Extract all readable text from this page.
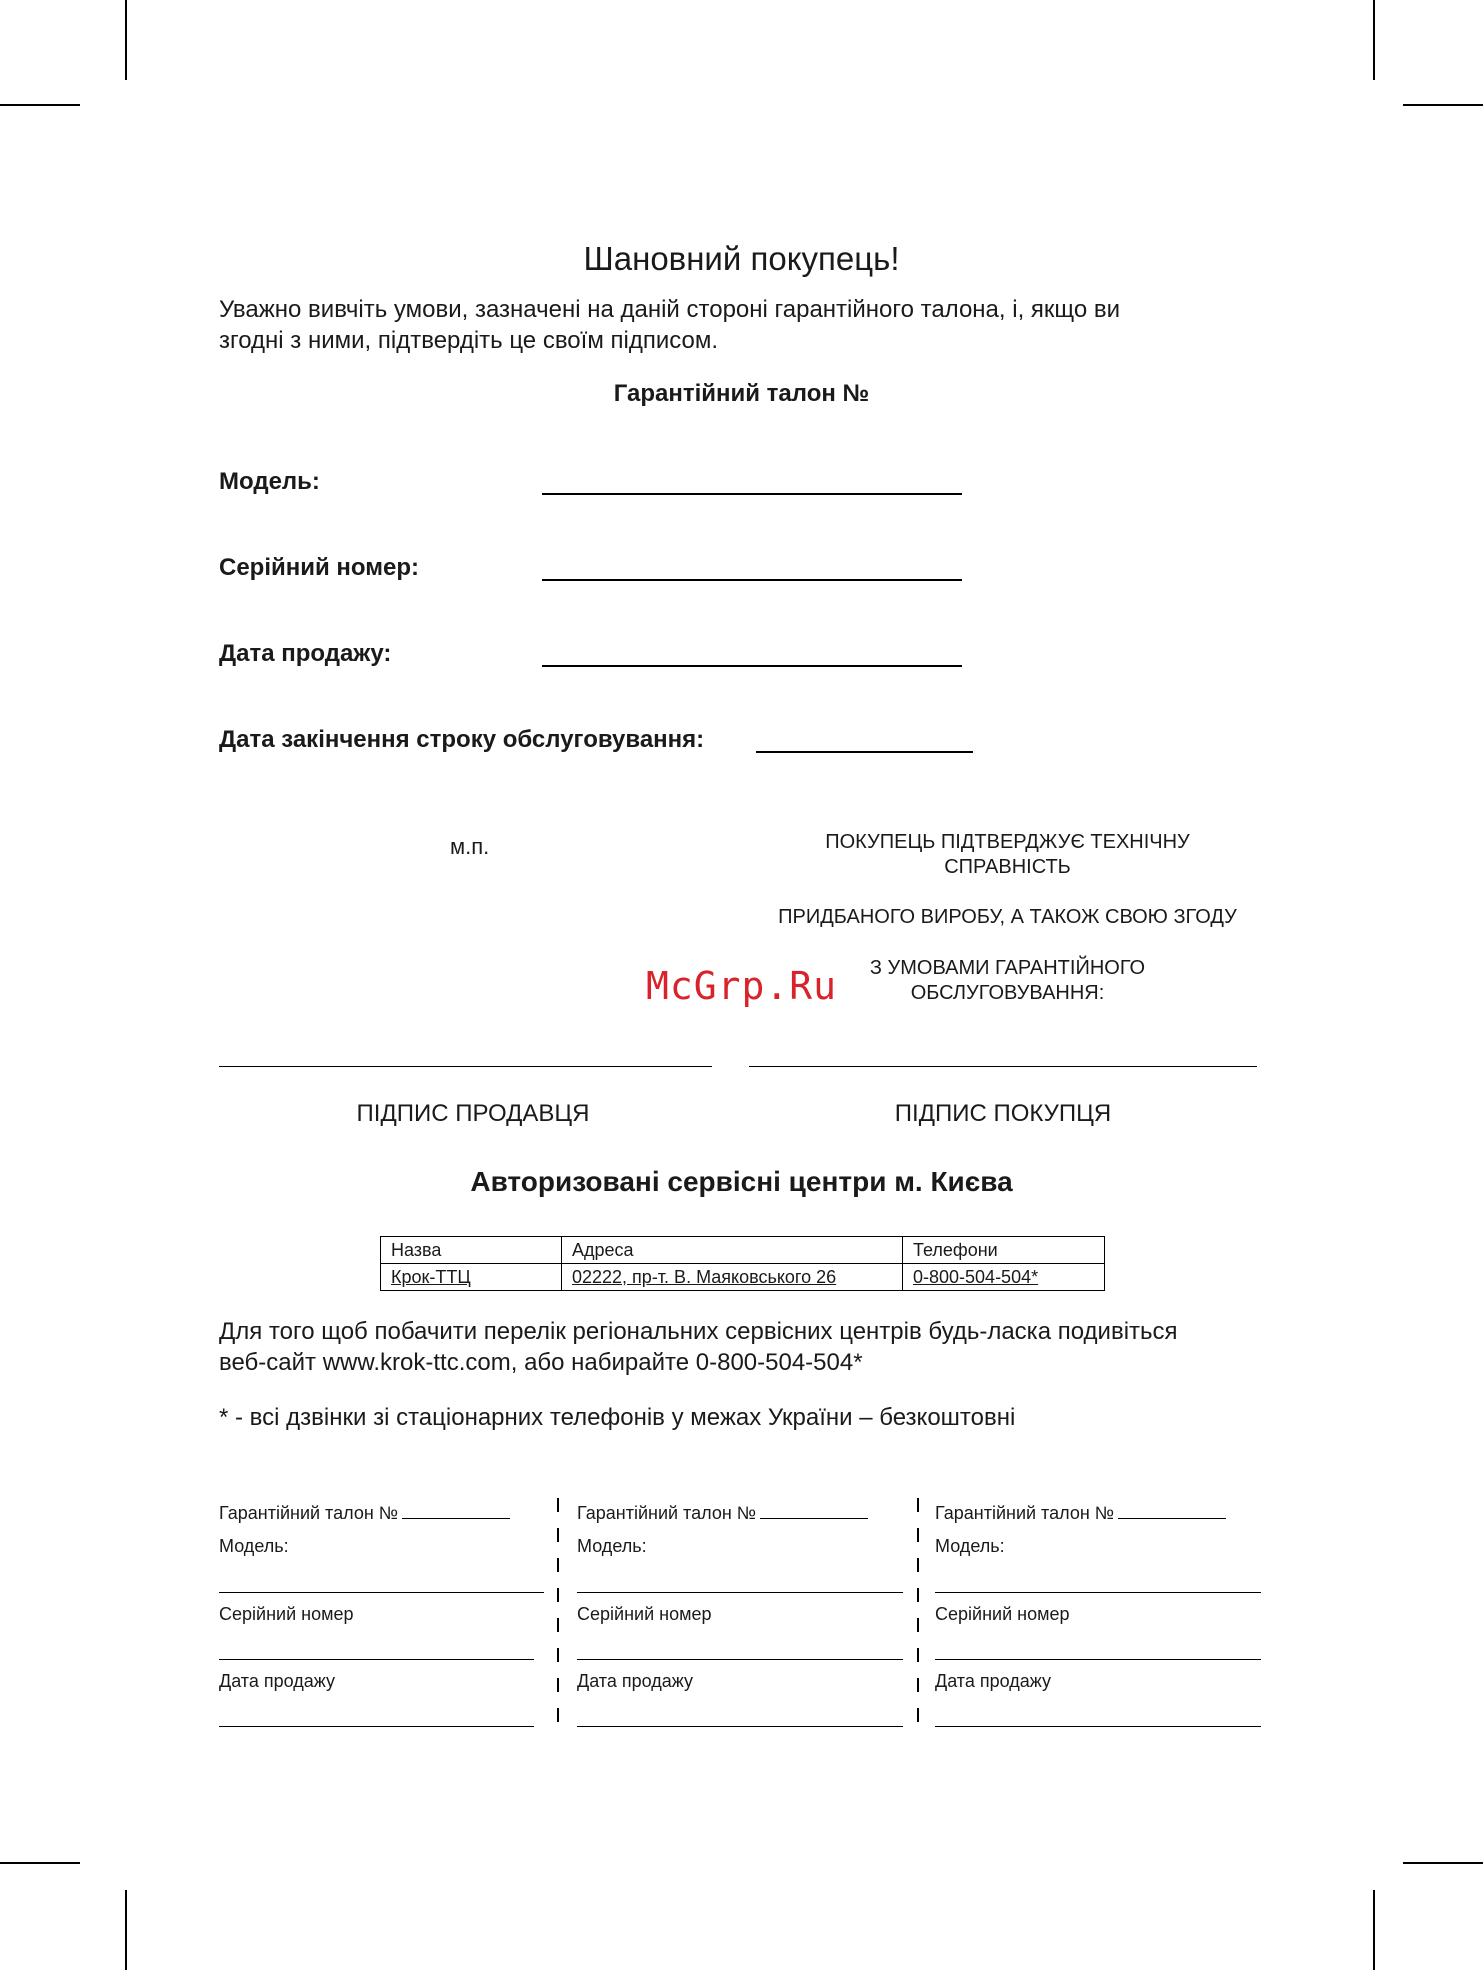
Шановний покупець!
Уважно вивчіть умови, зазначені на даній стороні гарантійного талона, і, якщо ви
згодні з ними, підтвердіть це своїм підписом.
Гарантійний талон №
Модель:
Серійний номер:
Дата продажу:
Дата закінчення строку обслуговування:
м.п.	ПОКУПЕЦЬ ПІДТВЕРДЖУЄ ТЕХНІЧНУ
СПРАВНІСТЬ
ПРИДБАНОГО ВИРОБУ, А ТАКОЖ СВОЮ ЗГОДУ
З УМОВАМИ ГАРАНТІЙНОГО
ОБСЛУГОВУВАННЯ:
McGrp.Ru
ПІДПИС ПРОДАВЦЯ	ПІДПИС ПОКУПЦЯ
Авторизовані сервісні центри м. Києва
Назва	Адреса	Телефони
Крок-ТТЦ	02222, пр-т. В. Маяковського 26	0-800-504-504*
Для того щоб побачити перелік регіональних сервісних центрів будь-ласка подивіться
веб-сайт www.krok-ttc.com, або набирайте 0-800-504-504*
* - всі дзвінки зі стаціонарних телефонів у межах України – безкоштовні
Гарантійний талон №
Модель:
Серійний номер
Дата продажу
Гарантійний талон №
Модель:
Серійний номер
Дата продажу
Гарантійний талон №
Модель:
Серійний номер
Дата продажу
